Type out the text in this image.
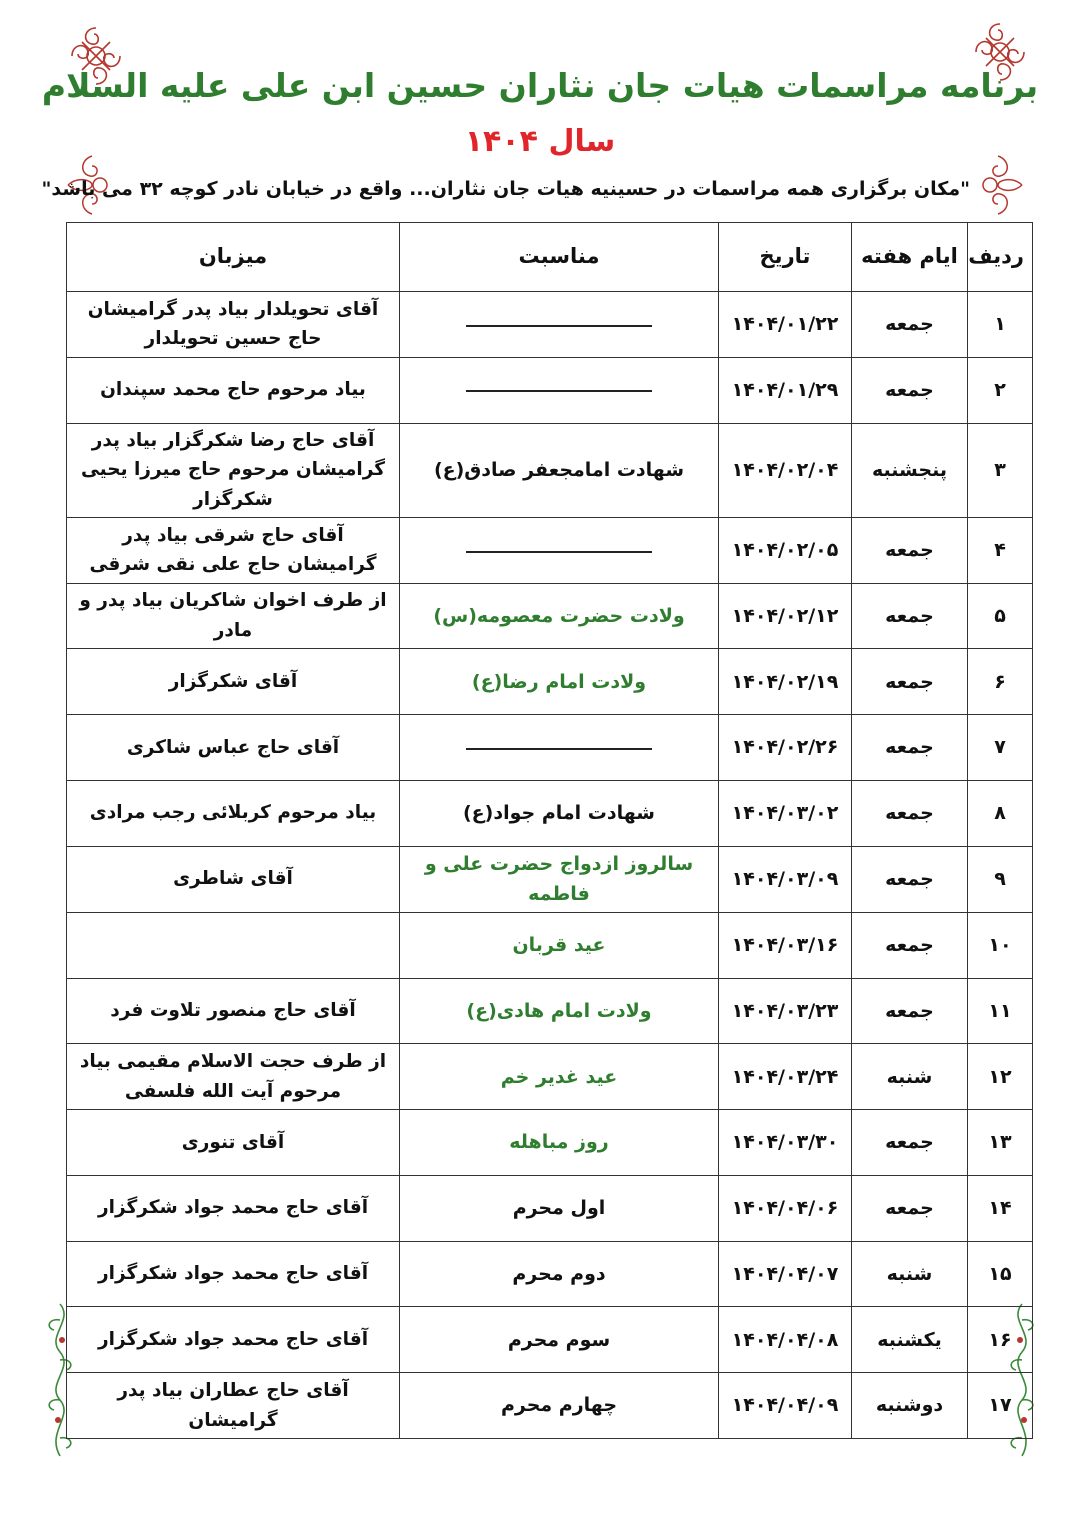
برنامه مراسمات هیات جان نثاران حسین ابن علی علیه السلام
سال ۱۴۰۴
"مکان برگزاری همه مراسمات در حسینیه هیات جان نثاران... واقع در خیابان نادر کوچه ۳۲ می باشد"
ردیف	ایام هفته	تاریخ	مناسبت	میزبان
۱	جمعه	۱۴۰۴/۰۱/۲۲		آقای تحویلدار بیاد پدر گرامیشان حاج حسین تحویلدار
۲	جمعه	۱۴۰۴/۰۱/۲۹		بیاد مرحوم حاج محمد سپندان
۳	پنجشنبه	۱۴۰۴/۰۲/۰۴	شهادت امامجعفر صادق(ع)	آقای حاج رضا شکرگزار بیاد پدر گرامیشان مرحوم حاج میرزا یحیی شکرگزار
۴	جمعه	۱۴۰۴/۰۲/۰۵		آقای حاج شرقی بیاد پدر گرامیشان حاج علی نقی شرقی
۵	جمعه	۱۴۰۴/۰۲/۱۲	ولادت حضرت معصومه(س)	از طرف اخوان شاکریان بیاد پدر و مادر
۶	جمعه	۱۴۰۴/۰۲/۱۹	ولادت امام رضا(ع)	آقای شکرگزار
۷	جمعه	۱۴۰۴/۰۲/۲۶		آقای حاج عباس شاکری
۸	جمعه	۱۴۰۴/۰۳/۰۲	شهادت امام جواد(ع)	بیاد مرحوم کربلائی رجب مرادی
۹	جمعه	۱۴۰۴/۰۳/۰۹	سالروز ازدواج حضرت علی و فاطمه	آقای شاطری
۱۰	جمعه	۱۴۰۴/۰۳/۱۶	عید قربان	
۱۱	جمعه	۱۴۰۴/۰۳/۲۳	ولادت امام هادی(ع)	آقای حاج منصور تلاوت فرد
۱۲	شنبه	۱۴۰۴/۰۳/۲۴	عید غدیر خم	از طرف حجت الاسلام مقیمی بیاد مرحوم آیت الله فلسفی
۱۳	جمعه	۱۴۰۴/۰۳/۳۰	روز مباهله	آقای تنوری
۱۴	جمعه	۱۴۰۴/۰۴/۰۶	اول محرم	آقای حاج محمد جواد شکرگزار
۱۵	شنبه	۱۴۰۴/۰۴/۰۷	دوم محرم	آقای حاج محمد جواد شکرگزار
۱۶	یکشنبه	۱۴۰۴/۰۴/۰۸	سوم محرم	آقای حاج محمد جواد شکرگزار
۱۷	دوشنبه	۱۴۰۴/۰۴/۰۹	چهارم محرم	آقای حاج عطاران بیاد پدر گرامیشان
